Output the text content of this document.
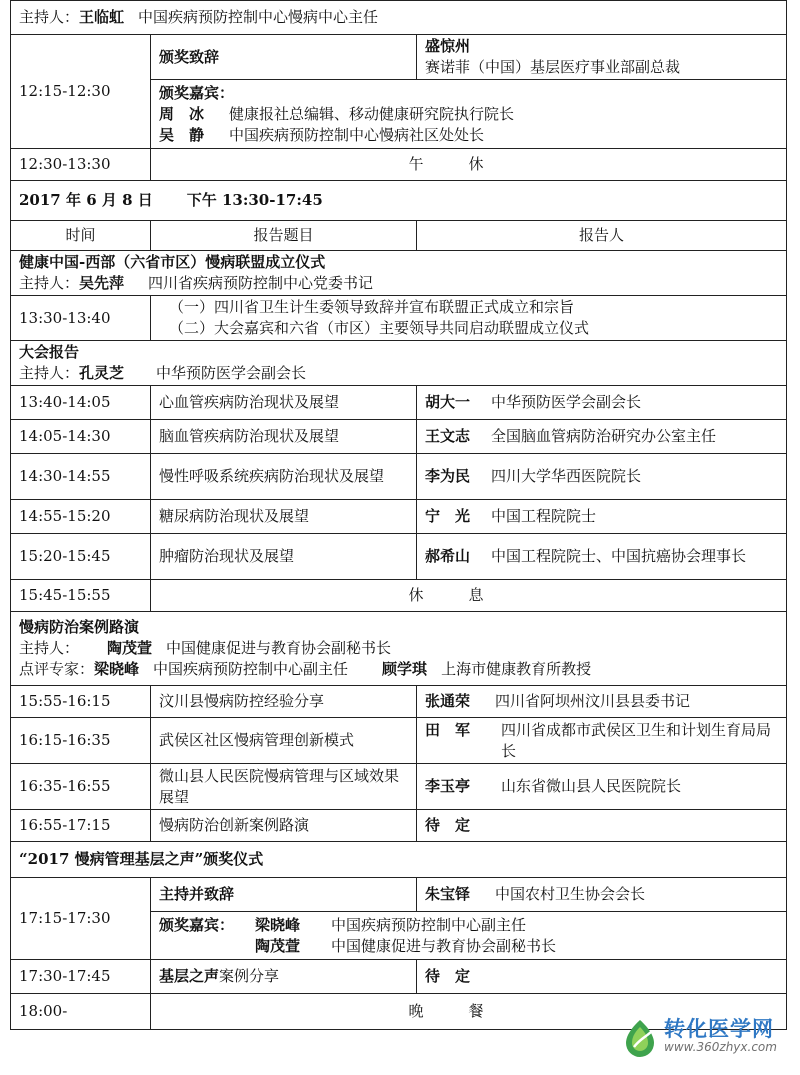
主持人：王临虹 中国疾病预防控制中心慢病中心主任		
12:15-12:30	颁奖致辞	盛惊州
赛诺菲（中国）基层医疗事业部副总裁

	颁奖嘉宾：
周　冰 健康报社总编辑、移动健康研究院执行院长
吴　静 中国疾病预防控制中心慢病社区处处长	

12:30-13:30	午休	
2017 年 6 月 8 日 下午 13:30-17:45		
时间	报告题目	报告人

健康中国-西部（六省市区）慢病联盟成立仪式
主持人：吴先萍 四川省疾病预防控制中心党委书记		

13:30-13:40	（一）四川省卫生计生委领导致辞并宣布联盟正式成立和宗旨
（二）大会嘉宾和六省（市区）主要领导共同启动联盟成立仪式	

大会报告
主持人：孔灵芝 中华预防医学会副会长		

13:40-14:05	心血管疾病防治现状及展望	胡大一 中华预防医学会副会长
14:05-14:30	脑血管疾病防治现状及展望	王文志 全国脑血管病防治研究办公室主任
14:30-14:55	慢性呼吸系统疾病防治现状及展望	李为民 四川大学华西医院院长
14:55-15:20	糖尿病防治现状及展望	宁　光 中国工程院院士
15:20-15:45	肿瘤防治现状及展望	郝希山 中国工程院院士、中国抗癌协会理事长
15:45-15:55	休息	

慢病防治案例路演
主持人： 陶茂萱 中国健康促进与教育协会副秘书长
点评专家：梁晓峰 中国疾病预防控制中心副主任 顾学琪 上海市健康教育所教授		

15:55-16:15	汶川县慢病防控经验分享	张通荣 四川省阿坝州汶川县县委书记
16:15-16:35	武侯区社区慢病管理创新模式	田　军 四川省成都市武侯区卫生和计划生育局局长
16:35-16:55	微山县人民医院慢病管理与区域效果展望	李玉亭 山东省微山县人民医院院长
16:55-17:15	慢病防治创新案例路演	待　定
“2017 慢病管理基层之声”颁奖仪式		
17:15-17:30	主持并致辞	朱宝铎 中国农村卫生协会会长

	颁奖嘉宾： 梁晓峰 中国疾病预防控制中心副主任
陶茂萱 中国健康促进与教育协会副秘书长	

17:30-17:45	基层之声案例分享	待　定
18:00-	晚餐	
转化医学网
www.360zhyx.com
